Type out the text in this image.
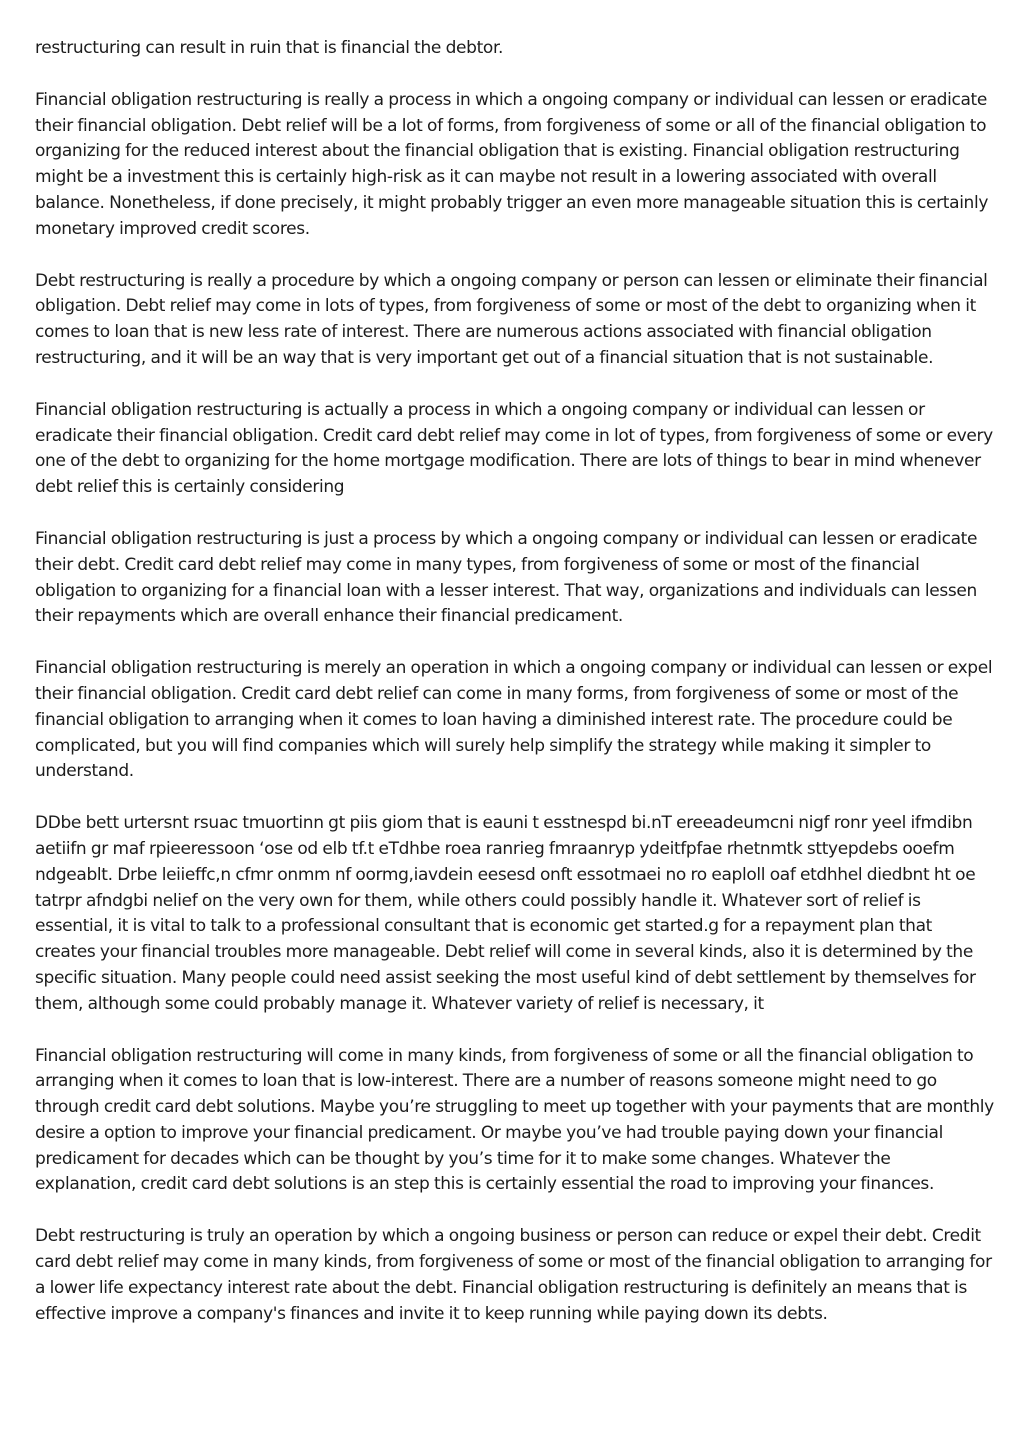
restructuring can result in ruin that is financial the debtor.

Financial obligation restructuring is really a process in which a ongoing company or individual can lessen or eradicate their financial obligation. Debt relief will be a lot of forms, from forgiveness of some or all of the financial obligation to organizing for the reduced interest about the financial obligation that is existing. Financial obligation restructuring might be a investment this is certainly high-risk as it can maybe not result in a lowering associated with overall balance. Nonetheless, if done precisely, it might probably trigger an even more manageable situation this is certainly monetary improved credit scores.

Debt restructuring is really a procedure by which a ongoing company or person can lessen or eliminate their financial obligation. Debt relief may come in lots of types, from forgiveness of some or most of the debt to organizing when it comes to loan that is new less rate of interest. There are numerous actions associated with financial obligation restructuring, and it will be an way that is very important get out of a financial situation that is not sustainable.

Financial obligation restructuring is actually a process in which a ongoing company or individual can lessen or eradicate their financial obligation. Credit card debt relief may come in lot of types, from forgiveness of some or every one of the debt to organizing for the home mortgage modification. There are lots of things to bear in mind whenever debt relief this is certainly considering

Financial obligation restructuring is just a process by which a ongoing company or individual can lessen or eradicate their debt. Credit card debt relief may come in many types, from forgiveness of some or most of the financial obligation to organizing for a financial loan with a lesser interest. That way, organizations and individuals can lessen their repayments which are overall enhance their financial predicament.

Financial obligation restructuring is merely an operation in which a ongoing company or individual can lessen or expel their financial obligation. Credit card debt relief can come in many forms, from forgiveness of some or most of the financial obligation to arranging when it comes to loan having a diminished interest rate. The procedure could be complicated, but you will find companies which will surely help simplify the strategy while making it simpler to understand.

DDbe bett urtersnt rsuac tmuortinn gt piis giom that is eauni t esstnespd bi.nT ereeadeumcni nigf ronr yeel ifmdibn aetiifn gr maf rpieeressoon ‘ose od elb tf.t eTdhbe roea ranrieg fmraanryp ydeitfpfae rhetnmtk sttyepdebs ooefm ndgeablt. Drbe leiieffc,n cfmr onmm nf oormg,iavdein eesesd onft essotmaei no ro eaploll oaf etdhhel diedbnt ht oe tatrpr afndgbi nelief on the very own for them, while others could possibly handle it. Whatever sort of relief is essential, it is vital to talk to a professional consultant that is economic get started.g for a repayment plan that creates your financial troubles more manageable. Debt relief will come in several kinds, also it is determined by the specific situation. Many people could need assist seeking the most useful kind of debt settlement by themselves for them, although some could probably manage it. Whatever variety of relief is necessary, it

Financial obligation restructuring will come in many kinds, from forgiveness of some or all the financial obligation to arranging when it comes to loan that is low-interest. There are a number of reasons someone might need to go through credit card debt solutions. Maybe you’re struggling to meet up together with your payments that are monthly desire a option to improve your financial predicament. Or maybe you’ve had trouble paying down your financial predicament for decades which can be thought by you’s time for it to make some changes. Whatever the explanation, credit card debt solutions is an step this is certainly essential the road to improving your finances.

Debt restructuring is truly an operation by which a ongoing business or person can reduce or expel their debt. Credit card debt relief may come in many kinds, from forgiveness of some or most of the financial obligation to arranging for a lower life expectancy interest rate about the debt. Financial obligation restructuring is definitely an means that is effective improve a company's finances and invite it to keep running while paying down its debts.
